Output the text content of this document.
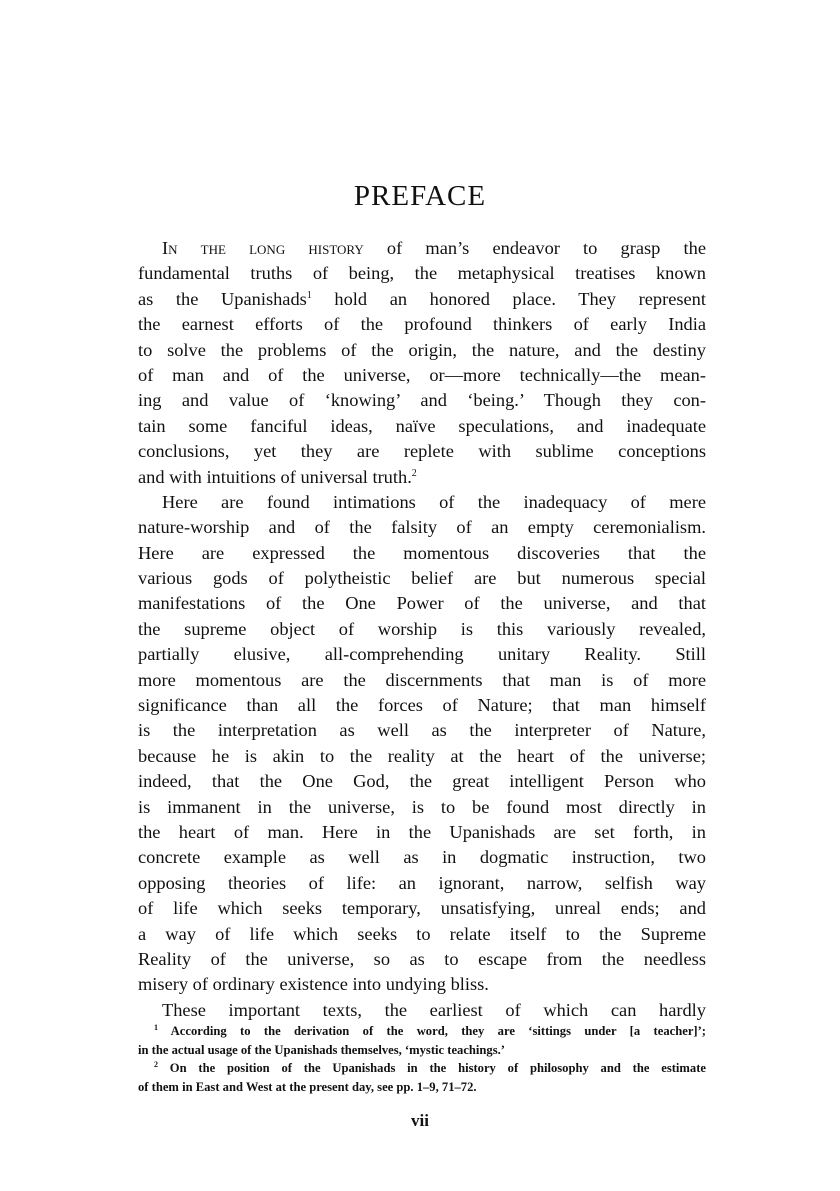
PREFACE
In the long history of man’s endeavor to grasp the
fundamental truths of being, the metaphysical treatises known
as the Upanishads$^1$ hold an honored place. They represent
the earnest efforts of the profound thinkers of early India
to solve the problems of the origin, the nature, and the destiny
of man and of the universe, or—more technically—the mean-
ing and value of ‘knowing’ and ‘being.’ Though they con-
tain some fanciful ideas, naïve speculations, and inadequate
conclusions, yet they are replete with sublime conceptions
and with intuitions of universal truth.$^2$
Here are found intimations of the inadequacy of mere
nature-worship and of the falsity of an empty ceremonialism.
Here are expressed the momentous discoveries that the
various gods of polytheistic belief are but numerous special
manifestations of the One Power of the universe, and that
the supreme object of worship is this variously revealed,
partially elusive, all-comprehending unitary Reality. Still
more momentous are the discernments that man is of more
significance than all the forces of Nature; that man himself
is the interpretation as well as the interpreter of Nature,
because he is akin to the reality at the heart of the universe;
indeed, that the One God, the great intelligent Person who
is immanent in the universe, is to be found most directly in
the heart of man. Here in the Upanishads are set forth, in
concrete example as well as in dogmatic instruction, two
opposing theories of life: an ignorant, narrow, selfish way
of life which seeks temporary, unsatisfying, unreal ends; and
a way of life which seeks to relate itself to the Supreme
Reality of the universe, so as to escape from the needless
misery of ordinary existence into undying bliss.
These important texts, the earliest of which can hardly
$^1$ According to the derivation of the word, they are ‘sittings under [a teacher]’;
in the actual usage of the Upanishads themselves, ‘mystic teachings.’
$^2$ On the position of the Upanishads in the history of philosophy and the estimate
of them in East and West at the present day, see pp. 1–9, 71–72.
vii
